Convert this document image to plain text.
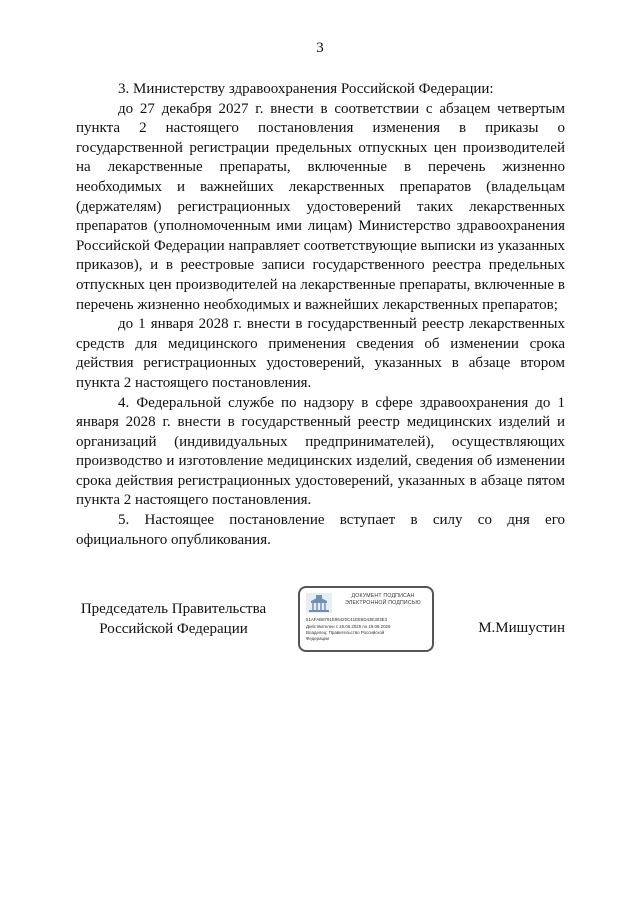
3

3. Министерству здравоохранения Российской Федерации:

до 27 декабря 2027 г. внести в соответствии с абзацем четвертым пункта 2 настоящего постановления изменения в приказы о государственной регистрации предельных отпускных цен производителей на лекарственные препараты, включенные в перечень жизненно необходимых и важнейших лекарственных препаратов (владельцам (держателям) регистрационных удостоверений таких лекарственных препаратов (уполномоченным ими лицам) Министерство здравоохранения Российской Федерации направляет соответствующие выписки из указанных приказов), и в реестровые записи государственного реестра предельных отпускных цен производителей на лекарственные препараты, включенные в перечень жизненно необходимых и важнейших лекарственных препаратов;

до 1 января 2028 г. внести в государственный реестр лекарственных средств для медицинского применения сведения об изменении срока действия регистрационных удостоверений, указанных в абзаце втором пункта 2 настоящего постановления.

4. Федеральной службе по надзору в сфере здравоохранения до 1 января 2028 г. внести в государственный реестр медицинских изделий и организаций (индивидуальных предпринимателей), осуществляющих производство и изготовление медицинских изделий, сведения об изменении срока действия регистрационных удостоверений, указанных в абзаце пятом пункта 2 настоящего постановления.

5. Настоящее постановление вступает в силу со дня его официального опубликования.

Председатель Правительства
Российской Федерации
ДОКУМЕНТ ПОДПИСАН
ЭЛЕКТРОННОЙ ПОДПИСЬЮ
51AFAB8781E96420C41EE5D43E303E3
Действителен с 26.06.2025 по 19.08.2026
Владелец: Правительство Российской
Федерации
М.Мишустин
